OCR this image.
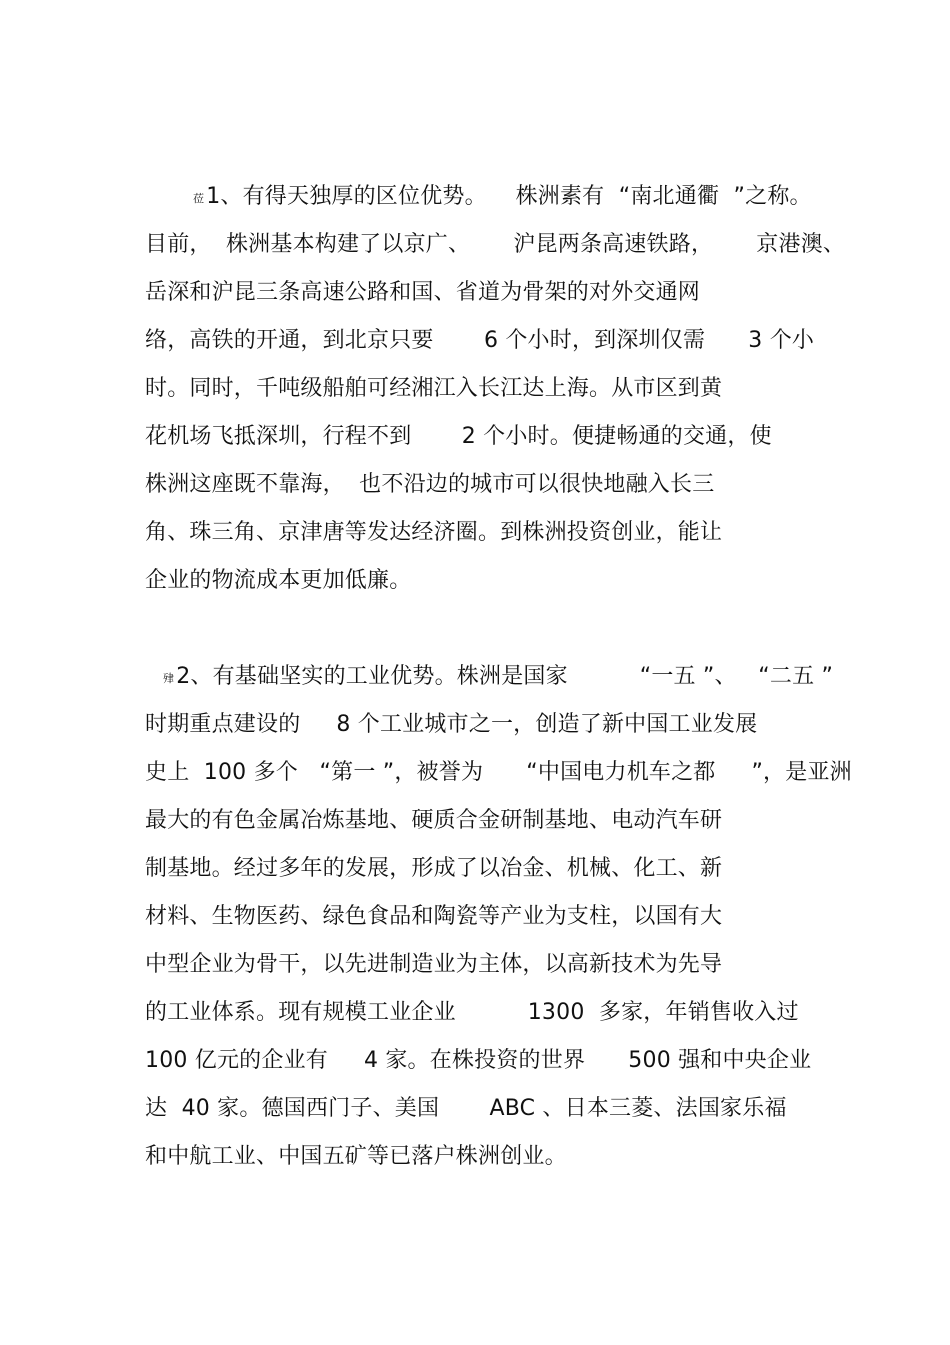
莅1、有得天独厚的区位优势。    株洲素有  “南北通衢  ”之称。
目前，  株洲基本构建了以京广、      沪昆两条高速铁路，      京港澳、
岳深和沪昆三条高速公路和国、省道为骨架的对外交通网
络，高铁的开通，到北京只要       6 个小时，到深圳仅需      3 个小
时。同时，千吨级船舶可经湘江入长江达上海。从市区到黄
花机场飞抵深圳，行程不到       2 个小时。便捷畅通的交通，使
株洲这座既不靠海，  也不沿边的城市可以很快地融入长三
角、珠三角、京津唐等发达经济圈。到株洲投资创业，能让
企业的物流成本更加低廉。
肂2、有基础坚实的工业优势。株洲是国家          “一五 ”、   “二五 ”
时期重点建设的     8 个工业城市之一，创造了新中国工业发展
史上  100 多个   “第一 ”，被誉为      “中国电力机车之都     ”，是亚洲
最大的有色金属冶炼基地、硬质合金研制基地、电动汽车研
制基地。经过多年的发展，形成了以冶金、机械、化工、新
材料、生物医药、绿色食品和陶瓷等产业为支柱，以国有大
中型企业为骨干，以先进制造业为主体，以高新技术为先导
的工业体系。现有规模工业企业          1300  多家，年销售收入过
100 亿元的企业有     4 家。在株投资的世界      500 强和中央企业
达  40 家。德国西门子、美国       ABC 、日本三菱、法国家乐福
和中航工业、中国五矿等已落户株洲创业。
